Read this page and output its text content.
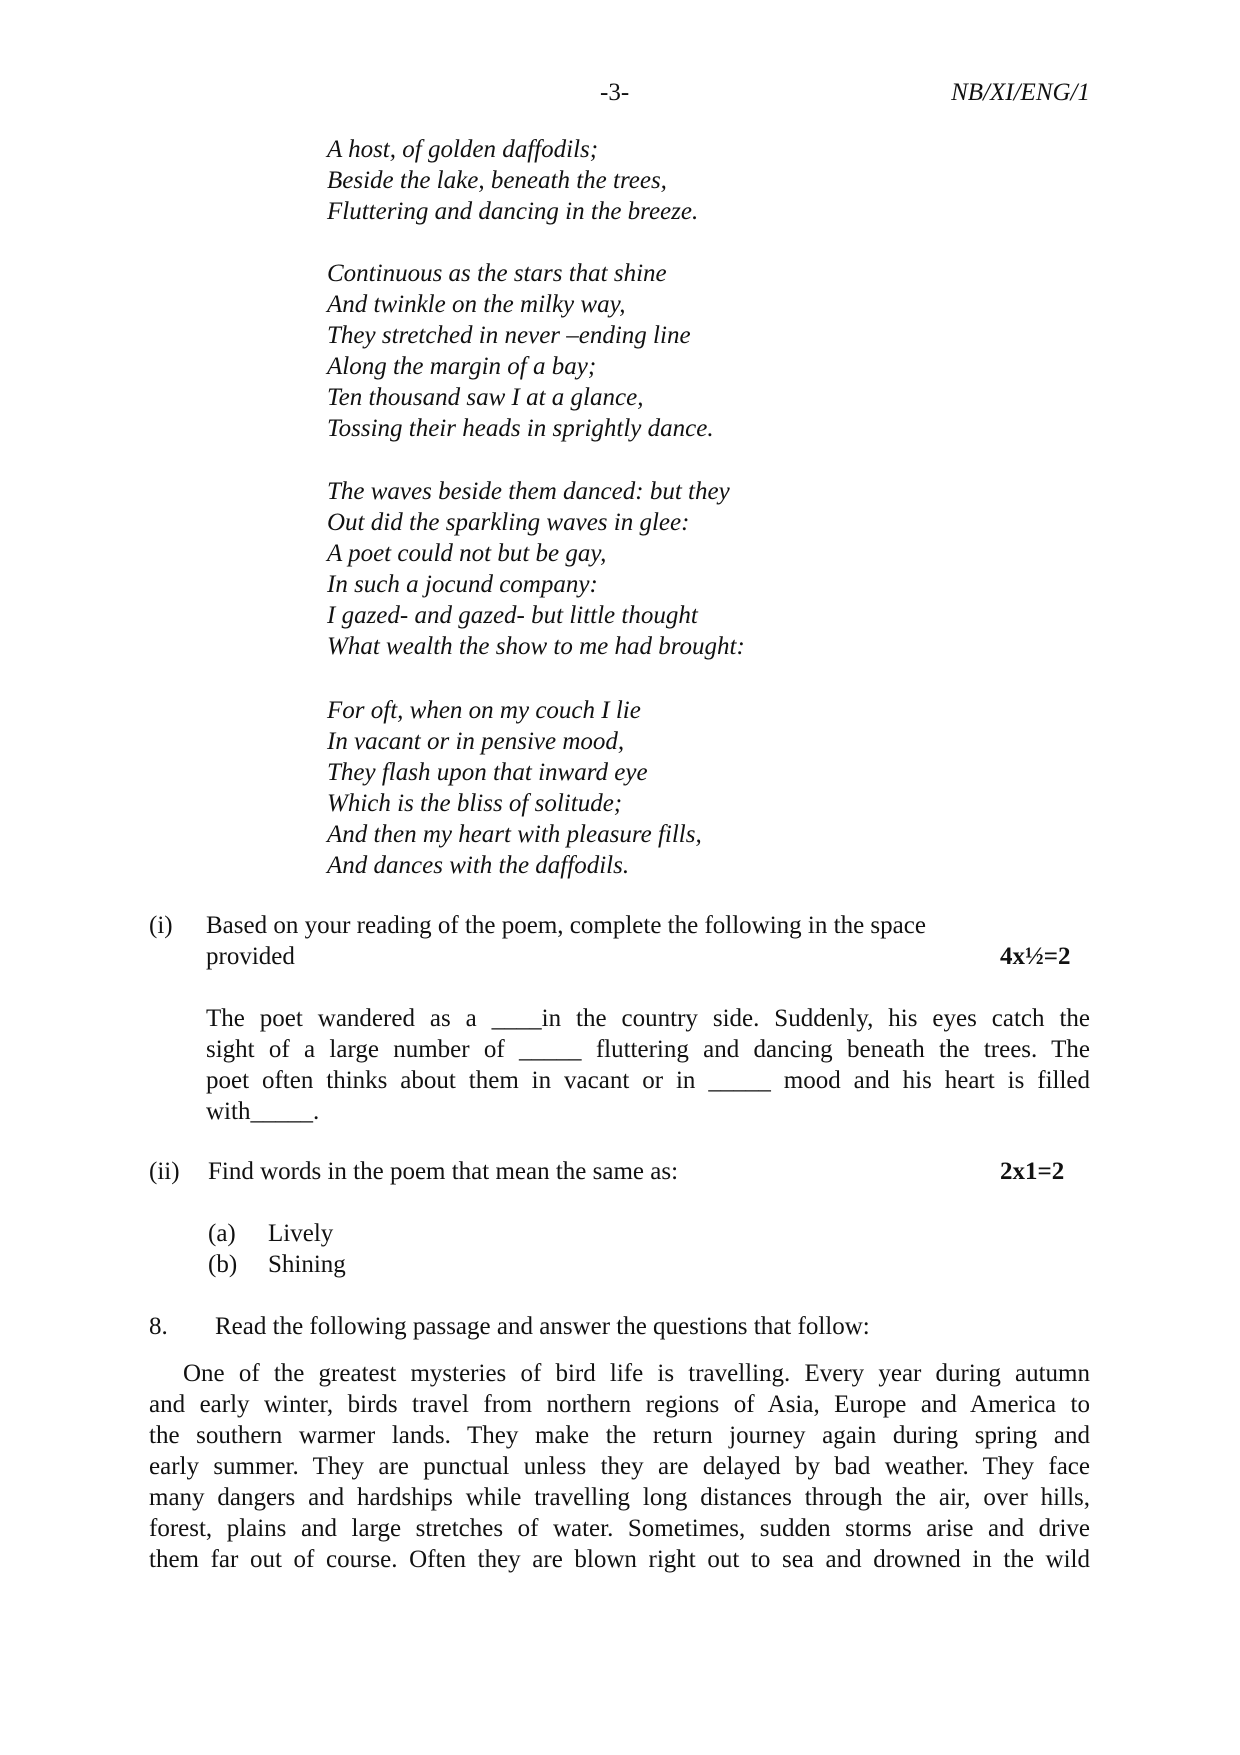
-3-	NB/XI/ENG/1
A host, of golden daffodils;
Beside the lake, beneath the trees,
Fluttering and dancing in the breeze.
Continuous as the stars that shine
And twinkle on the milky way,
They stretched in never –ending line
Along the margin of a bay;
Ten thousand saw I at a glance,
Tossing their heads in sprightly dance.
The waves beside them danced: but they
Out did the sparkling waves in glee:
A poet could not but be gay,
In such a jocund company:
I gazed- and gazed- but little thought
What wealth the show to me had brought:
For oft, when on my couch I lie
In vacant or in pensive mood,
They flash upon that inward eye
Which is the bliss of solitude;
And then my heart with pleasure fills,
And dances with the daffodils.
(i) Based on your reading of the poem, complete the following in the space
provided	4x½=2
The poet wandered as a ____in the country side. Suddenly, his eyes catch the
sight of a large number of _____ fluttering and dancing beneath the trees. The
poet often thinks about them in vacant or in _____ mood and his heart is filled
with_____.
(ii) Find words in the poem that mean the same as:	2x1=2
(a) Lively
(b) Shining
8. Read the following passage and answer the questions that follow:
One of the greatest mysteries of bird life is travelling. Every year during autumn
and early winter, birds travel from northern regions of Asia, Europe and America to
the southern warmer lands. They make the return journey again during spring and
early summer. They are punctual unless they are delayed by bad weather. They face
many dangers and hardships while travelling long distances through the air, over hills,
forest, plains and large stretches of water. Sometimes, sudden storms arise and drive
them far out of course. Often they are blown right out to sea and drowned in the wild
